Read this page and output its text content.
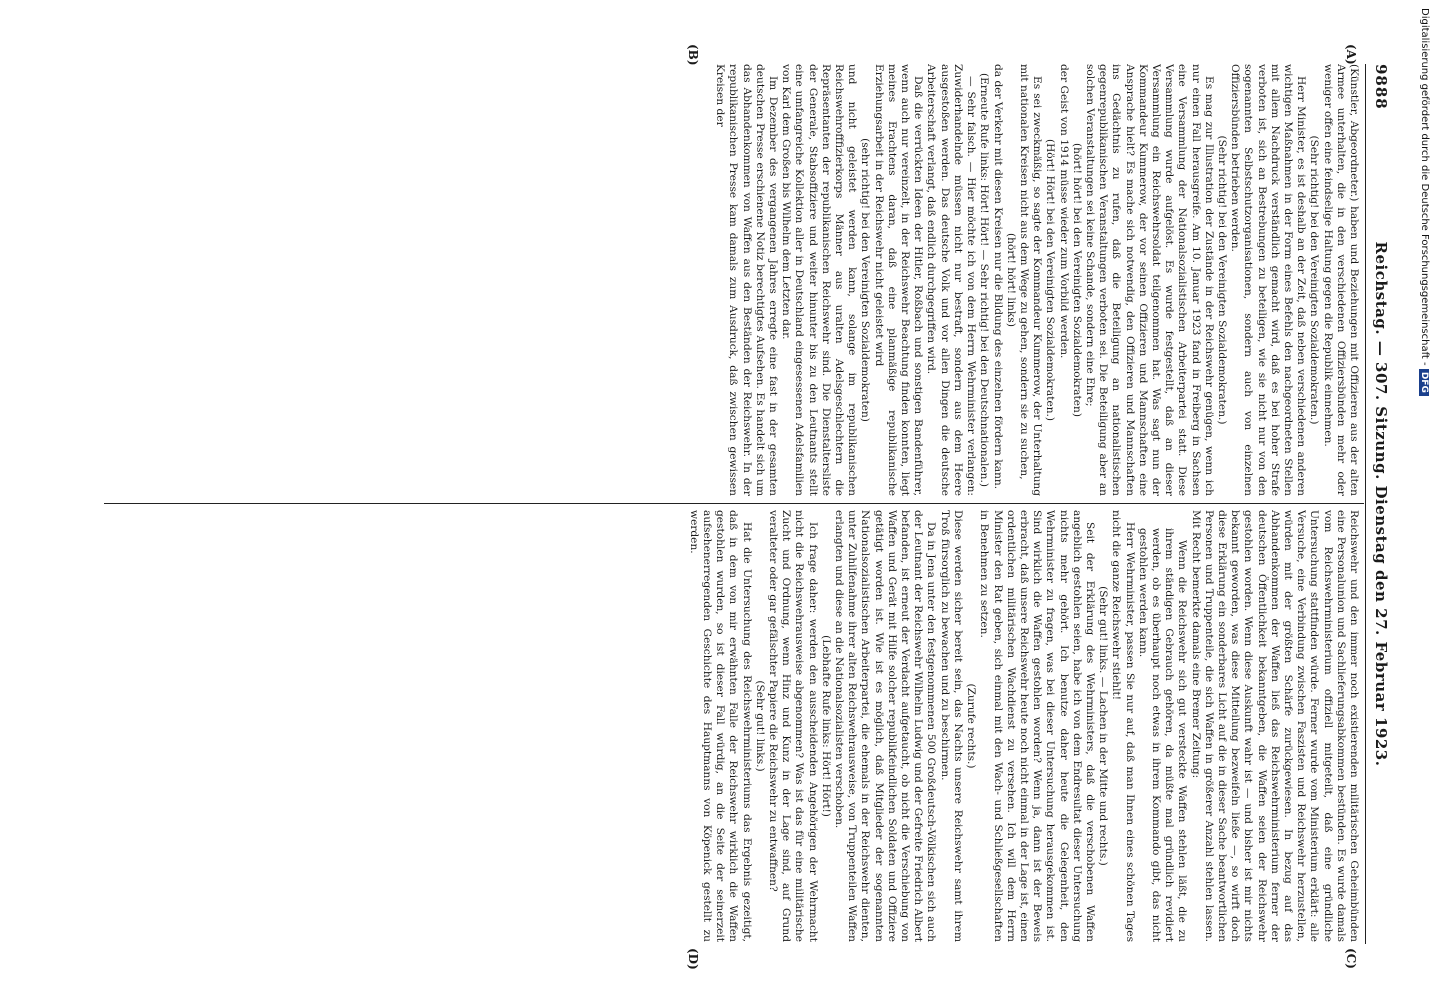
9888
Reichstag. — 307. Sitzung. Dienstag den 27. Februar 1923.
(A)
(B)
(C)
(D)

(Künstler, Abgeordneter.) haben und Beziehungen mit Offizieren aus der alten Armee unterhalten, die in den verschiedenen Offiziersbünden mehr oder weniger offen eine feindselige Haltung gegen die Republik einnehmen.

(Sehr richtig! bei den Vereinigten Sozialdemokraten.)

Herr Minister, es ist deshalb an der Zeit, daß neben verschiedenen anderen wichtigen Maßnahmen in der Form eines Befehls den nachgeordneten Stellen mit allem Nachdruck verständlich gemacht wird, daß es bei hoher Strafe verboten ist, sich an Bestrebungen zu beteiligen, wie sie nicht nur von den sogenannten Selbstschutzorganisationen, sondern auch von einzelnen Offiziersbünden betrieben werden.

(Sehr richtig! bei den Vereinigten Sozialdemokraten.)

Es mag zur Illustration der Zustände in der Reichswehr genügen, wenn ich nur einen Fall herausgreife. Am 10. Januar 1923 fand in Freiberg in Sachsen eine Versammlung der Nationalsozialistischen Arbeiterpartei statt. Diese Versammlung wurde aufgelöst. Es wurde festgestellt, daß an dieser Versammlung ein Reichswehrsoldat teilgenommen hat. Was sagt nun der Kommandeur Kummerow, der vor seinen Offizieren und Mannschaften eine Ansprache hielt? Es mache sich notwendig, den Offizieren und Mannschaften ins Gedächtnis zu rufen, daß die Beteiligung an nationalistischen gegenrepublikanischen Veranstaltungen verboten sei. Die Beteiligung aber an solchen Veranstaltungen sei keine Schande, sondern eine Ehre;

(hört! hört! bei den Vereinigten Sozialdemokraten)

der Geist von 1914 müsse wieder zum Vorbild werden.

(Hört! Hört! bei den Vereinigten Sozialdemokraten.)

Es sei zweckmäßig, so sagte der Kommandeur Kummerow, der Unterhaltung mit nationalen Kreisen nicht aus dem Wege zu gehen, sondern sie zu suchen,

(hört! hört! links)

da der Verkehr mit diesen Kreisen nur die Bildung des einzelnen fördern kann.

(Erneute Rufe links: Hört! Hört! — Sehr richtig! bei den Deutschnationalen.)

— Sehr falsch. — Hier möchte ich von dem Herrn Wehrminister verlangen: Zuwiderhandelnde müssen nicht nur bestraft, sondern aus dem Heere ausgestoßen werden. Das deutsche Volk und vor allen Dingen die deutsche Arbeiterschaft verlangt, daß endlich durchgegriffen wird.

Daß die verrückten Ideen der Hitler, Roßbach und sonstigen Bandenführer, wenn auch nur vereinzelt, in der Reichswehr Beachtung finden konnten, liegt meines Erachtens daran, daß eine planmäßige republikanische Erziehungsarbeit in der Reichswehr nicht geleistet wird

(sehr richtig! bei den Vereinigten Sozialdemokraten)

und nicht geleistet werden kann, solange im republikanischen Reichswehrofffizierkorps Männer aus uralten Adelsgeschlechtern die Repräsentanten der republikanischen Reichswehr sind. Die Dienstaltersliste der Generale, Stabsoffiziere und weiter hinunter bis zu den Leutnants stellt eine umfangreiche Kollektion aller in Deutschland eingesessenen Adelsfamilien von Karl dem Großen bis Wilhelm dem Letzten dar.

Im Dezember des vergangenen Jahres erregte eine fast in der gesamten deutschen Presse erschienene Notiz berechtigtes Aufsehen. Es handelt sich um das Abhandenkommen von Waffen aus den Beständen der Reichswehr. In der republikanischen Presse kam damals zum Ausdruck, daß zwischen gewissen Kreisen der

Reichswehr und den immer noch existierenden militärischen Geheimbünden eine Personalunion und Sachlieferungsabkommen bestünden. Es wurde damals vom Reichswehrministerium offiziell mitgeteilt, daß eine gründliche Untersuchung stattfinden würde. Ferner wurde vom Ministerium erklärt: alle Versuche, eine Verbindung zwischen Faszisten und Reichswehr herzustellen, würden mit der größten Schärfe zurückgewiesen. In bezug auf das Abhandenkommen der Waffen ließ das Reichswehrministerium ferner der deutschen Öffentlichkeit bekanntgeben, die Waffen seien der Reichswehr gestohlen worden. Wenn diese Auskunft wahr ist — und bisher ist mir nichts bekannt geworden, was diese Mitteilung bezweifeln ließe —, so wirft doch diese Erklärung ein sonderbares Licht auf die in dieser Sache beantwortlichen Personen und Truppenteile, die sich Waffen in größerer Anzahl stehlen lassen. Mit Recht bemerkte damals eine Bremer Zeitung:

Wenn die Reichswehr sich gut versteckte Waffen stehlen läßt, die zu ihrem ständigen Gebrauch gehören, da müßte mal gründlich revidiert werden, ob es überhaupt noch etwas in ihrem Kommando gibt, das nicht gestohlen werden kann.

Herr Wehrminister, passen Sie nur auf, daß man Ihnen eines schönen Tages nicht die ganze Reichswehr stiehlt!

(Sehr gut! links. — Lachen in der Mitte und rechts.)

Seit der Erklärung des Wehrministers, daß die verschobenen Waffen angeblich gestohlen seien, habe ich von dem Endresultat dieser Untersuchung nichts mehr gehört. Ich benutze daher heute die Gelegenheit, den Wehrminister zu fragen, was bei dieser Untersuchung herausgekommen ist. Sind wirklich die Waffen gestohlen worden? Wenn ja, dann ist der Beweis erbracht, daß unsere Reichswehr heute noch nicht einmal in der Lage ist, einen ordentlichen militärischen Wachdienst zu versehen. Ich will dem Herrn Minister den Rat geben, sich einmal mit den Wach- und Schließgesellschaften in Benehmen zu setzen.

(Zurufe rechts.)

Diese werden sicher bereit sein, das Nachts unsere Reichswehr samt ihrem Troß fürsorglich zu bewachen und zu beschirmen.

Da in Jena unter den festgenommenen 500 Großdeutsch-Völkischen sich auch der Leutnant der Reichswehr Wilhelm Ludwig und der Gefreite Friedrich Albert befanden, ist erneut der Verdacht aufgetaucht, ob nicht die Verschiebung von Waffen und Gerät mit Hilfe solcher republikfeindlichen Soldaten und Offiziere getätigt worden ist. Wie ist es möglich, daß Mitglieder der sogenannten Nationalsozialistischen Arbeiterpartei, die ehemals in der Reichswehr dienten, unter Zuhilfenahme ihrer alten Reichswehrausweise, von Truppenteilen Waffen erlangten und diese an die Nationalsozialisten verschoben.

(Lebhafte Rufe links: Hört! Hört!)

Ich frage daher: werden den ausscheidenden Angehörigen der Wehrmacht nicht die Reichswehrausweise abgenommen? Was ist das für eine militärische Zucht und Ordnung, wenn Hinz und Kunz in der Lage sind, auf Grund veralteter oder gar gefälschter Papiere die Reichswehr zu entwaffnen?

(Sehr gut! links.)

Hat die Untersuchung des Reichswehrministeriums das Ergebnis gezeitigt, daß in dem von mir erwähnten Falle der Reichswehr wirklich die Waffen gestohlen wurden, so ist dieser Fall würdig, an die Seite der seinerzeit aufsehenerregenden Geschichte des Hauptmanns von Köpenick gestellt zu werden.

DFG Digitalisierung gefördert durch die Deutsche Forschungsgemeinschaft -
